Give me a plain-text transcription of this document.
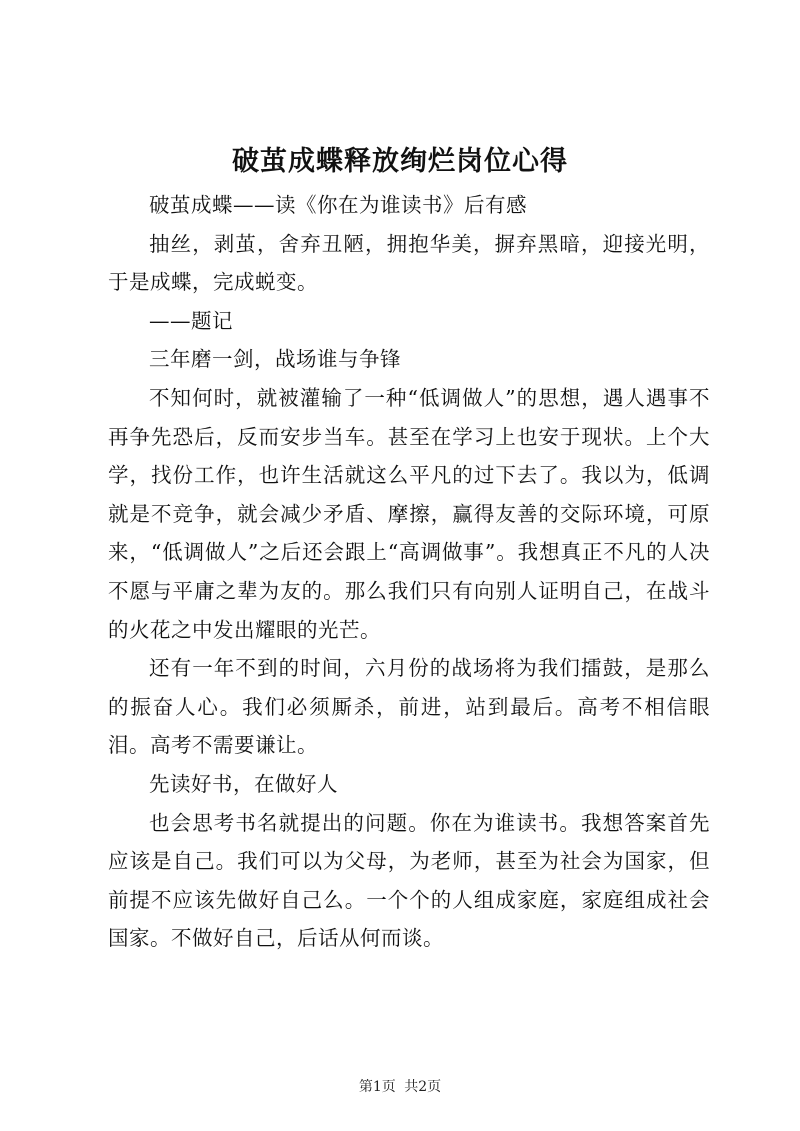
破茧成蝶释放绚烂岗位心得

破茧成蝶——读《你在为谁读书》后有感

抽丝，剥茧，舍弃丑陋，拥抱华美，摒弃黑暗，迎接光明，于是成蝶，完成蜕变。

——题记

三年磨一剑，战场谁与争锋

不知何时，就被灌输了一种“低调做人”的思想，遇人遇事不再争先恐后，反而安步当车。甚至在学习上也安于现状。上个大学，找份工作，也许生活就这么平凡的过下去了。我以为，低调就是不竞争，就会减少矛盾、摩擦，赢得友善的交际环境，可原来，“低调做人”之后还会跟上“高调做事”。我想真正不凡的人决不愿与平庸之辈为友的。那么我们只有向别人证明自己，在战斗的火花之中发出耀眼的光芒。

还有一年不到的时间，六月份的战场将为我们擂鼓，是那么的振奋人心。我们必须厮杀，前进，站到最后。高考不相信眼泪。高考不需要谦让。

先读好书，在做好人

也会思考书名就提出的问题。你在为谁读书。我想答案首先应该是自己。我们可以为父母，为老师，甚至为社会为国家，但前提不应该先做好自己么。一个个的人组成家庭，家庭组成社会国家。不做好自己，后话从何而谈。

第1页 共2页
